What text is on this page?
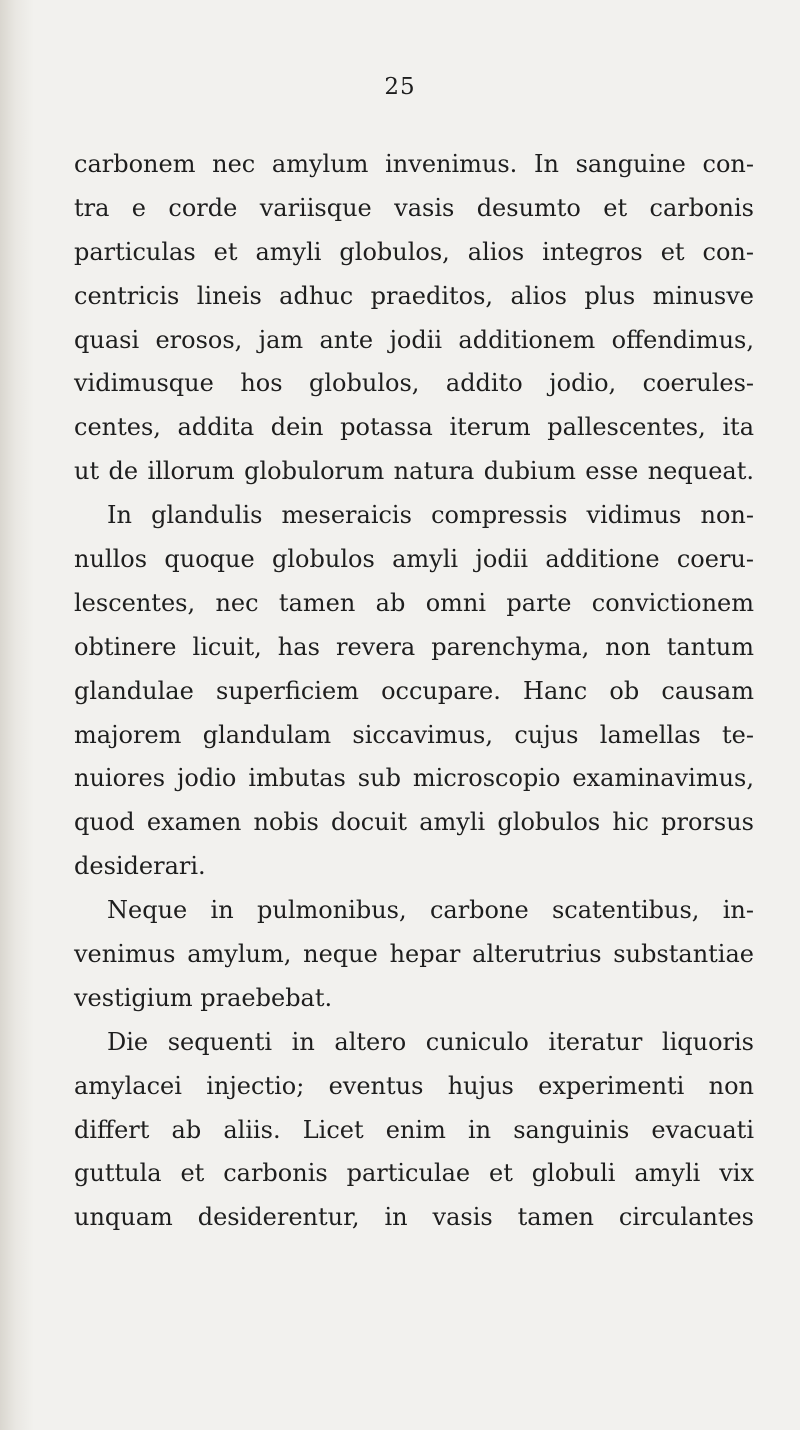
25
carbonem nec amylum invenimus. In sanguine con-
tra e corde variisque vasis desumto et carbonis
particulas et amyli globulos, alios integros et con-
centricis lineis adhuc praeditos, alios plus minusve
quasi erosos, jam ante jodii additionem offendimus,
vidimusque hos globulos, addito jodio, coerules-
centes, addita dein potassa iterum pallescentes, ita
ut de illorum globulorum natura dubium esse nequeat.
In glandulis meseraicis compressis vidimus non-
nullos quoque globulos amyli jodii additione coeru-
lescentes, nec tamen ab omni parte convictionem
obtinere licuit, has revera parenchyma, non tantum
glandulae superficiem occupare. Hanc ob causam
majorem glandulam siccavimus, cujus lamellas te-
nuiores jodio imbutas sub microscopio examinavimus,
quod examen nobis docuit amyli globulos hic prorsus
desiderari.
Neque in pulmonibus, carbone scatentibus, in-
venimus amylum, neque hepar alterutrius substantiae
vestigium praebebat.
Die sequenti in altero cuniculo iteratur liquoris
amylacei injectio; eventus hujus experimenti non
differt ab aliis. Licet enim in sanguinis evacuati
guttula et carbonis particulae et globuli amyli vix
unquam desiderentur, in vasis tamen circulantes
